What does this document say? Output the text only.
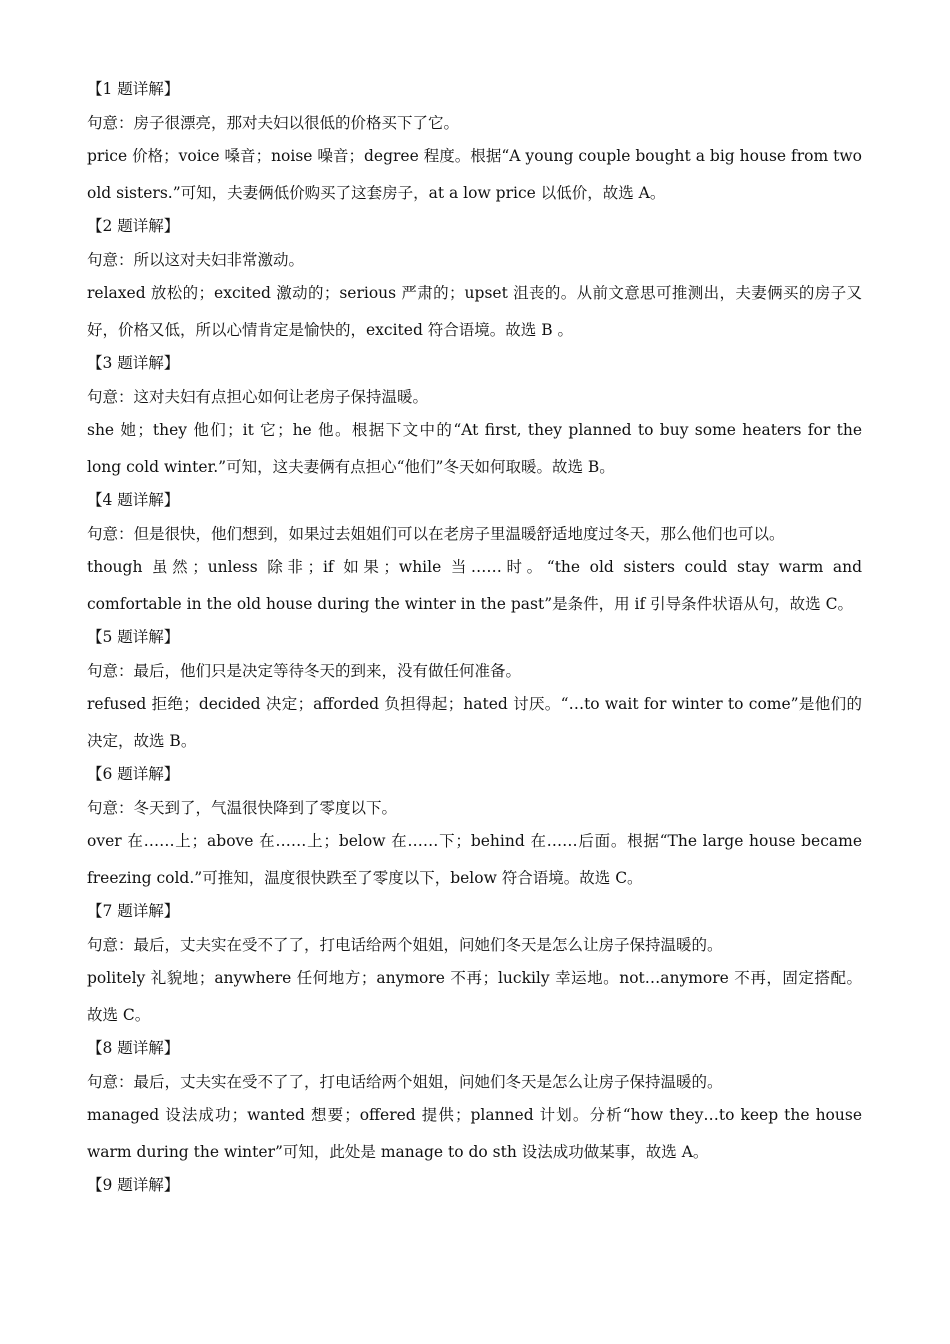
【1 题详解】
句意：房子很漂亮，那对夫妇以很低的价格买下了它。
price 价格；voice 嗓音；noise 噪音；degree 程度。根据“A young couple bought a big house from two old sisters.”可知，夫妻俩低价购买了这套房子，at a low price 以低价，故选 A。
【2 题详解】
句意：所以这对夫妇非常激动。
relaxed 放松的；excited 激动的；serious 严肃的；upset 沮丧的。从前文意思可推测出，夫妻俩买的房子又好，价格又低，所以心情肯定是愉快的，excited 符合语境。故选 B 。
【3 题详解】
句意：这对夫妇有点担心如何让老房子保持温暖。
she 她；they 他们；it 它；he 他。根据下文中的“At first, they planned to buy some heaters for the long cold winter.”可知，这夫妻俩有点担心“他们”冬天如何取暖。故选 B。
【4 题详解】
句意：但是很快，他们想到，如果过去姐姐们可以在老房子里温暖舒适地度过冬天，那么他们也可以。
though 虽然；unless 除非；if 如果；while 当……时。“the old sisters could stay warm and comfortable in the old house during the winter in the past”是条件，用 if 引导条件状语从句，故选 C。
【5 题详解】
句意：最后，他们只是决定等待冬天的到来，没有做任何准备。
refused 拒绝；decided 决定；afforded 负担得起；hated 讨厌。“…to wait for winter to come”是他们的决定，故选 B。
【6 题详解】
句意：冬天到了，气温很快降到了零度以下。
over 在……上；above 在……上；below 在……下；behind 在……后面。根据“The large house became freezing cold.”可推知，温度很快跌至了零度以下，below 符合语境。故选 C。
【7 题详解】
句意：最后，丈夫实在受不了了，打电话给两个姐姐，问她们冬天是怎么让房子保持温暖的。
politely 礼貌地；anywhere 任何地方；anymore 不再；luckily 幸运地。not…anymore 不再，固定搭配。故选 C。
【8 题详解】
句意：最后，丈夫实在受不了了，打电话给两个姐姐，问她们冬天是怎么让房子保持温暖的。
managed 设法成功；wanted 想要；offered 提供；planned 计划。分析“how they…to keep the house warm during the winter”可知，此处是 manage to do sth 设法成功做某事，故选 A。
【9 题详解】
